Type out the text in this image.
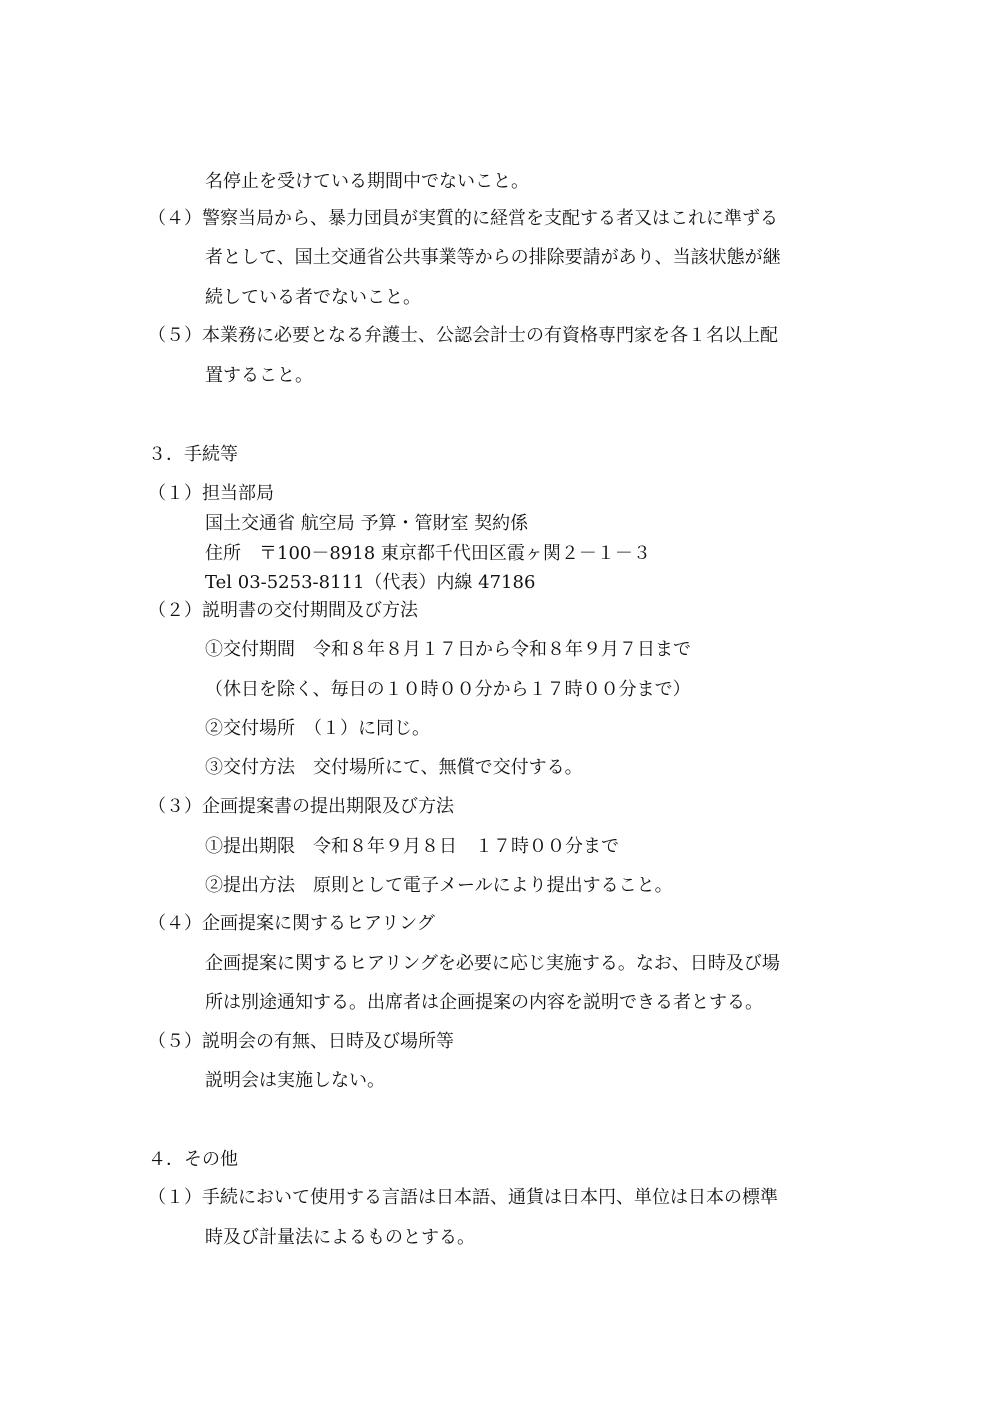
名停止を受けている期間中でないこと。
（４）警察当局から、暴力団員が実質的に経営を支配する者又はこれに準ずる
者として、国土交通省公共事業等からの排除要請があり、当該状態が継
続している者でないこと。
（５）本業務に必要となる弁護士、公認会計士の有資格専門家を各１名以上配
置すること。
３．手続等
（１）担当部局
国土交通省 航空局 予算・管財室 契約係
住所　〒100－8918 東京都千代田区霞ヶ関２－１－３
Tel 03-5253-8111（代表）内線 47186
（２）説明書の交付期間及び方法
①交付期間　令和８年８月１７日から令和８年９月７日まで
（休日を除く、毎日の１０時００分から１７時００分まで）
②交付場所　（１）に同じ。
③交付方法　交付場所にて、無償で交付する。
（３）企画提案書の提出期限及び方法
①提出期限　令和８年９月８日　１７時００分まで
②提出方法　原則として電子メールにより提出すること。
（４）企画提案に関するヒアリング
企画提案に関するヒアリングを必要に応じ実施する。なお、日時及び場
所は別途通知する。出席者は企画提案の内容を説明できる者とする。
（５）説明会の有無、日時及び場所等
説明会は実施しない。
４．その他
（１）手続において使用する言語は日本語、通貨は日本円、単位は日本の標準
時及び計量法によるものとする。
